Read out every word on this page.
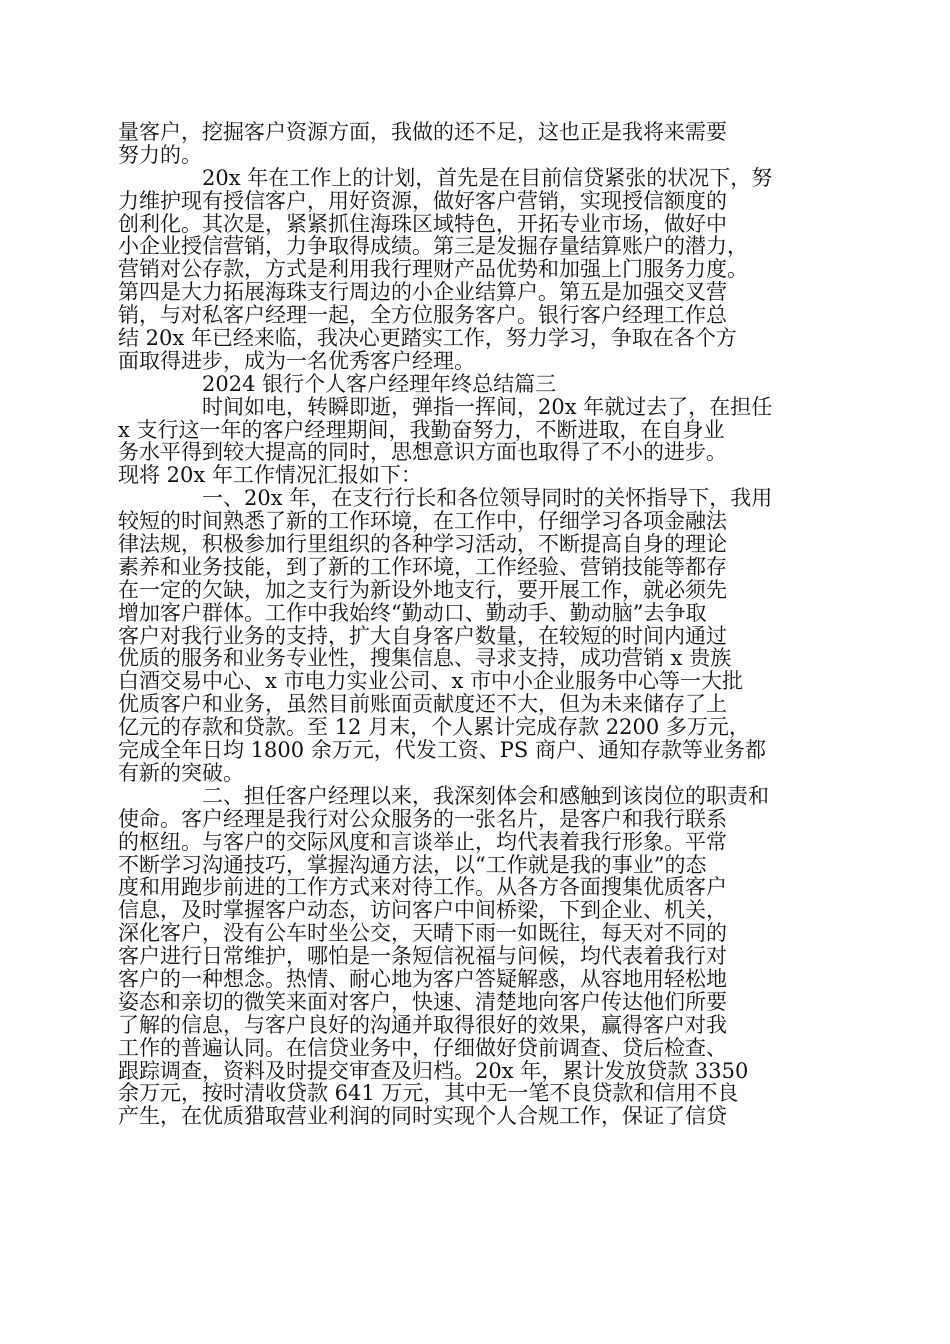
量客户，挖掘客户资源方面，我做的还不足，这也正是我将来需要
努力的。
20x 年在工作上的计划，首先是在目前信贷紧张的状况下，努
力维护现有授信客户，用好资源，做好客户营销，实现授信额度的
创利化。其次是，紧紧抓住海珠区域特色，开拓专业市场，做好中
小企业授信营销，力争取得成绩。第三是发掘存量结算账户的潜力，
营销对公存款，方式是利用我行理财产品优势和加强上门服务力度。
第四是大力拓展海珠支行周边的小企业结算户。第五是加强交叉营
销，与对私客户经理一起，全方位服务客户。银行客户经理工作总
结 20x 年已经来临，我决心更踏实工作，努力学习，争取在各个方
面取得进步，成为一名优秀客户经理。
2024 银行个人客户经理年终总结篇三
时间如电，转瞬即逝，弹指一挥间，20x 年就过去了，在担任
x 支行这一年的客户经理期间，我勤奋努力，不断进取，在自身业
务水平得到较大提高的同时，思想意识方面也取得了不小的进步。
现将 20x 年工作情况汇报如下：
一、20x 年，在支行行长和各位领导同时的关怀指导下，我用
较短的时间熟悉了新的工作环境，在工作中，仔细学习各项金融法
律法规，积极参加行里组织的各种学习活动，不断提高自身的理论
素养和业务技能，到了新的工作环境，工作经验、营销技能等都存
在一定的欠缺，加之支行为新设外地支行，要开展工作，就必须先
增加客户群体。工作中我始终“勤动口、勤动手、勤动脑”去争取
客户对我行业务的支持，扩大自身客户数量，在较短的时间内通过
优质的服务和业务专业性，搜集信息、寻求支持，成功营销 x 贵族
白酒交易中心、x 市电力实业公司、x 市中小企业服务中心等一大批
优质客户和业务，虽然目前账面贡献度还不大，但为未来储存了上
亿元的存款和贷款。至 12 月末，个人累计完成存款 2200 多万元，
完成全年日均 1800 余万元，代发工资、PS 商户、通知存款等业务都
有新的突破。
二、担任客户经理以来，我深刻体会和感触到该岗位的职责和
使命。客户经理是我行对公众服务的一张名片，是客户和我行联系
的枢纽。与客户的交际风度和言谈举止，均代表着我行形象。平常
不断学习沟通技巧，掌握沟通方法，以“工作就是我的事业”的态
度和用跑步前进的工作方式来对待工作。从各方各面搜集优质客户
信息，及时掌握客户动态，访问客户中间桥梁，下到企业、机关，
深化客户，没有公车时坐公交，天晴下雨一如既往，每天对不同的
客户进行日常维护，哪怕是一条短信祝福与问候，均代表着我行对
客户的一种想念。热情、耐心地为客户答疑解惑，从容地用轻松地
姿态和亲切的微笑来面对客户，快速、清楚地向客户传达他们所要
了解的信息，与客户良好的沟通并取得很好的效果，赢得客户对我
工作的普遍认同。在信贷业务中，仔细做好贷前调查、贷后检查、
跟踪调查，资料及时提交审查及归档。20x 年，累计发放贷款 3350
余万元，按时清收贷款 641 万元，其中无一笔不良贷款和信用不良
产生，在优质猎取营业利润的同时实现个人合规工作，保证了信贷
